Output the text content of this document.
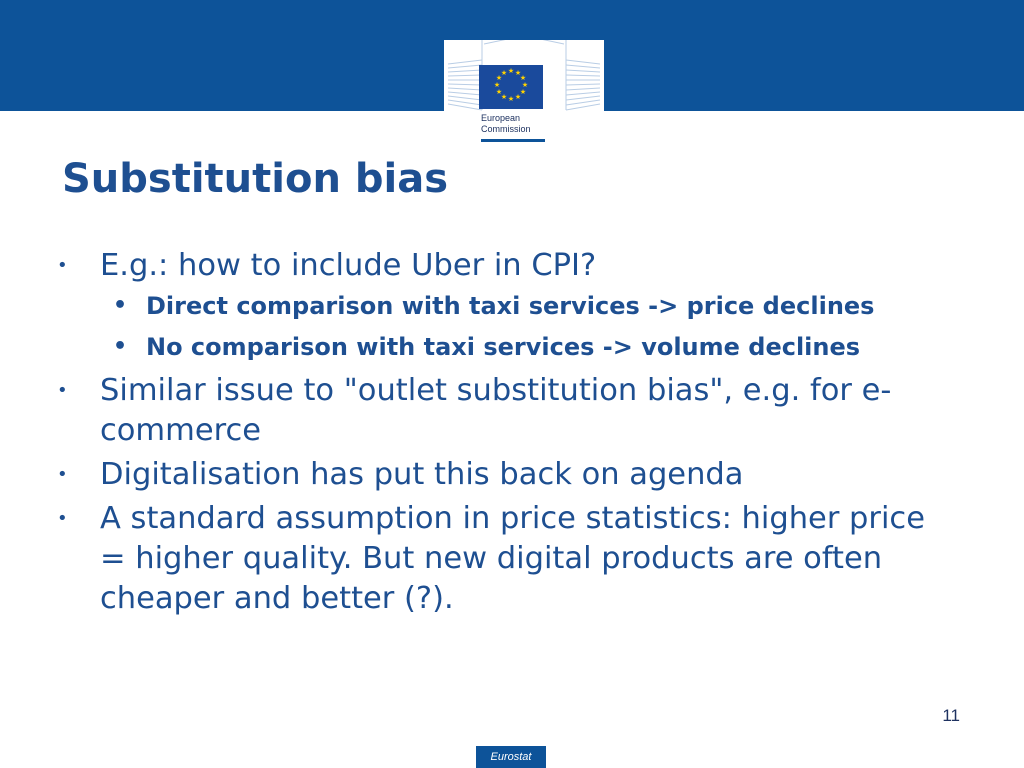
★ ★
★
★
★
★
★
★
★
★
★
★
European
Commission
Substitution bias
• E.g.: how to include Uber in CPI?
• Direct comparison with taxi services -> price declines
• No comparison with taxi services -> volume declines
• Similar issue to "outlet substitution bias", e.g. for e-commerce
• Digitalisation has put this back on agenda
• A standard assumption in price statistics: higher price = higher quality. But new digital products are often cheaper and better (?).
11
Eurostat
